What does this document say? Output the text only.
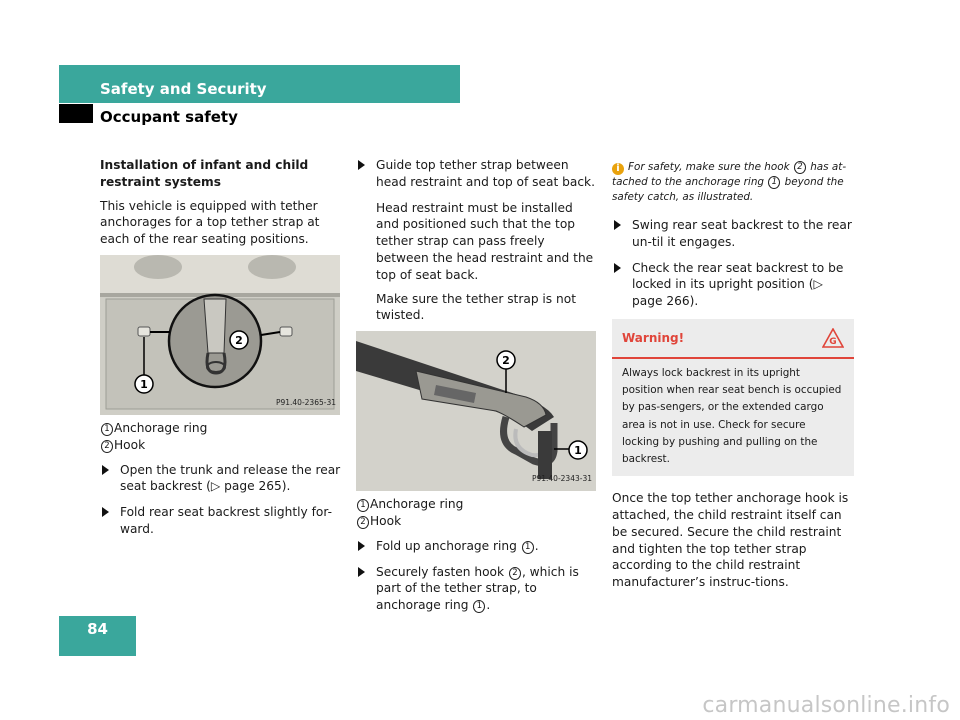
Safety and Security
Occupant safety

Installation of infant and child restraint systems

This vehicle is equipped with tether anchorages for a top tether strap at each of the rear seating positions.

2
1
P91.40-2365-31
1 Anchorage ring
2 Hook
Open the trunk and release the rear seat backrest (▷ page 265).
Fold rear seat backrest slightly for-ward.
Guide top tether strap between head restraint and top of seat back.

Head restraint must be installed and positioned such that the top tether strap can pass freely between the head restraint and the top of seat back.

Make sure the tether strap is not twisted.

2
1
P91.40-2343-31
1 Anchorage ring
2 Hook
Fold up anchorage ring 1 .
Securely fasten hook 2 , which is part of the tether strap, to anchorage ring 1 .
i For safety, make sure the hook 2 has at-tached to the anchorage ring 1 beyond the safety catch, as illustrated.
Swing rear seat backrest to the rear un-til it engages.
Check the rear seat backrest to be locked in its upright position (▷ page 266).
Warning!	G
Always lock backrest in its upright position when rear seat bench is occupied by pas-sengers, or the extended cargo area is not in use. Check for secure locking by pushing and pulling on the backrest.

Once the top tether anchorage hook is attached, the child restraint itself can be secured. Secure the child restraint and tighten the top tether strap according to the child restraint manufacturer’s instruc-tions.

84
carmanualsonline.info
